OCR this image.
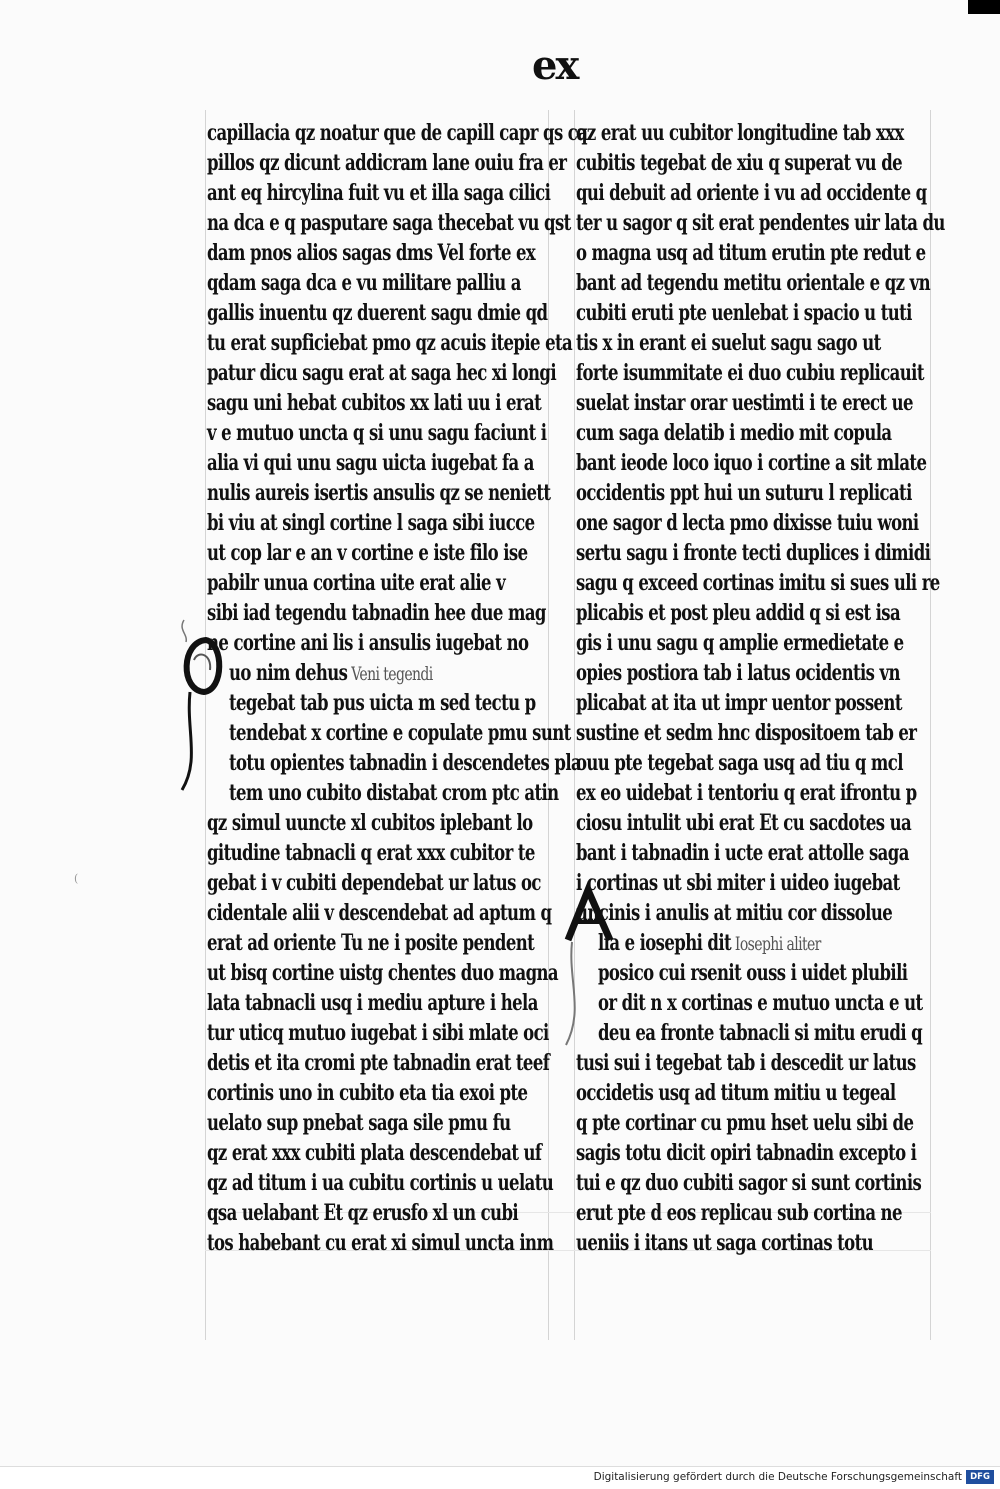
ex
capillacia qz noatur que de capill capr qs ca
pillos qz dicunt addicram lane ouiu fra er
ant eq hircylina fuit vu et illa saga cilici
na dca e q pasputare saga thecebat vu qst
dam pnos alios sagas dms Vel forte ex
qdam saga dca e vu militare palliu a
gallis inuentu qz duerent sagu dmie qd
tu erat supficiebat pmo qz acuis itepie eta
patur dicu sagu erat at saga hec xi longi
sagu uni hebat cubitos xx lati uu i erat
v e mutuo uncta q si unu sagu faciunt i
alia vi qui unu sagu uicta iugebat fa a
nulis aureis isertis ansulis qz se neniett
bi viu at singl cortine l saga sibi iucce
ut cop lar e an v cortine e iste filo ise
pabilr unua cortina uite erat alie v
sibi iad tegendu tabnadin hee due mag
ne cortine ani lis i ansulis iugebat no
uo nim dehus Veni tegendi
tegebat tab pus uicta m sed tectu p
tendebat x cortine e copulate pmu sunt
totu opientes tabnadin i descendetes pla
tem uno cubito distabat crom ptc atin
qz simul uuncte xl cubitos iplebant lo
gitudine tabnacli q erat xxx cubitor te
gebat i v cubiti dependebat ur latus oc
cidentale alii v descendebat ad aptum q
erat ad oriente Tu ne i posite pendent
ut bisq cortine uistg chentes duo magna
lata tabnacli usq i mediu apture i hela
tur uticq mutuo iugebat i sibi mlate oci
detis et ita cromi pte tabnadin erat teef
cortinis uno in cubito eta tia exoi pte
uelato sup pnebat saga sile pmu fu
qz erat xxx cubiti plata descendebat uf
qz ad titum i ua cubitu cortinis u uelatu
qsa uelabant Et qz erusfo xl un cubi
tos habebant cu erat xi simul uncta inm
qz erat uu cubitor longitudine tab xxx
cubitis tegebat de xiu q superat vu de
qui debuit ad oriente i vu ad occidente q
ter u sagor q sit erat pendentes uir lata du
o magna usq ad titum erutin pte redut e
bant ad tegendu metitu orientale e qz vn
cubiti eruti pte uenlebat i spacio u tuti
tis x in erant ei suelut sagu sago ut
forte isummitate ei duo cubiu replicauit
suelat instar orar uestimti i te erect ue
cum saga delatib i medio mit copula
bant ieode loco iquo i cortine a sit mlate
occidentis ppt hui un suturu l replicati
one sagor d lecta pmo dixisse tuiu woni
sertu sagu i fronte tecti duplices i dimidi
sagu q exceed cortinas imitu si sues uli re
plicabis et post pleu addid q si est isa
gis i unu sagu q amplie ermedietate e
opies postiora tab i latus ocidentis vn
plicabat at ita ut impr uentor possent
sustine et sedm hnc dispositoem tab er
ouu pte tegebat saga usq ad tiu q mcl
ex eo uidebat i tentoriu q erat ifrontu p
ciosu intulit ubi erat Et cu sacdotes ua
bant i tabnadin i ucte erat attolle saga
i cortinas ut sbi miter i uideo iugebat
uncinis i anulis at mitiu cor dissolue
lia e iosephi dit Iosephi aliter
posico cui rsenit ouss i uidet plubili
or dit n x cortinas e mutuo uncta e ut
deu ea fronte tabnacli si mitu erudi q
tusi sui i tegebat tab i descedit ur latus
occidetis usq ad titum mitiu u tegeal
q pte cortinar cu pmu hset uelu sibi de
sagis totu dicit opiri tabnadin excepto i
tui e qz duo cubiti sagor si sunt cortinis
erut pte d eos replicau sub cortina ne
ueniis i itans ut saga cortinas totu
(
Digitalisierung gefördert durch die Deutsche Forschungsgemeinschaft DFG
